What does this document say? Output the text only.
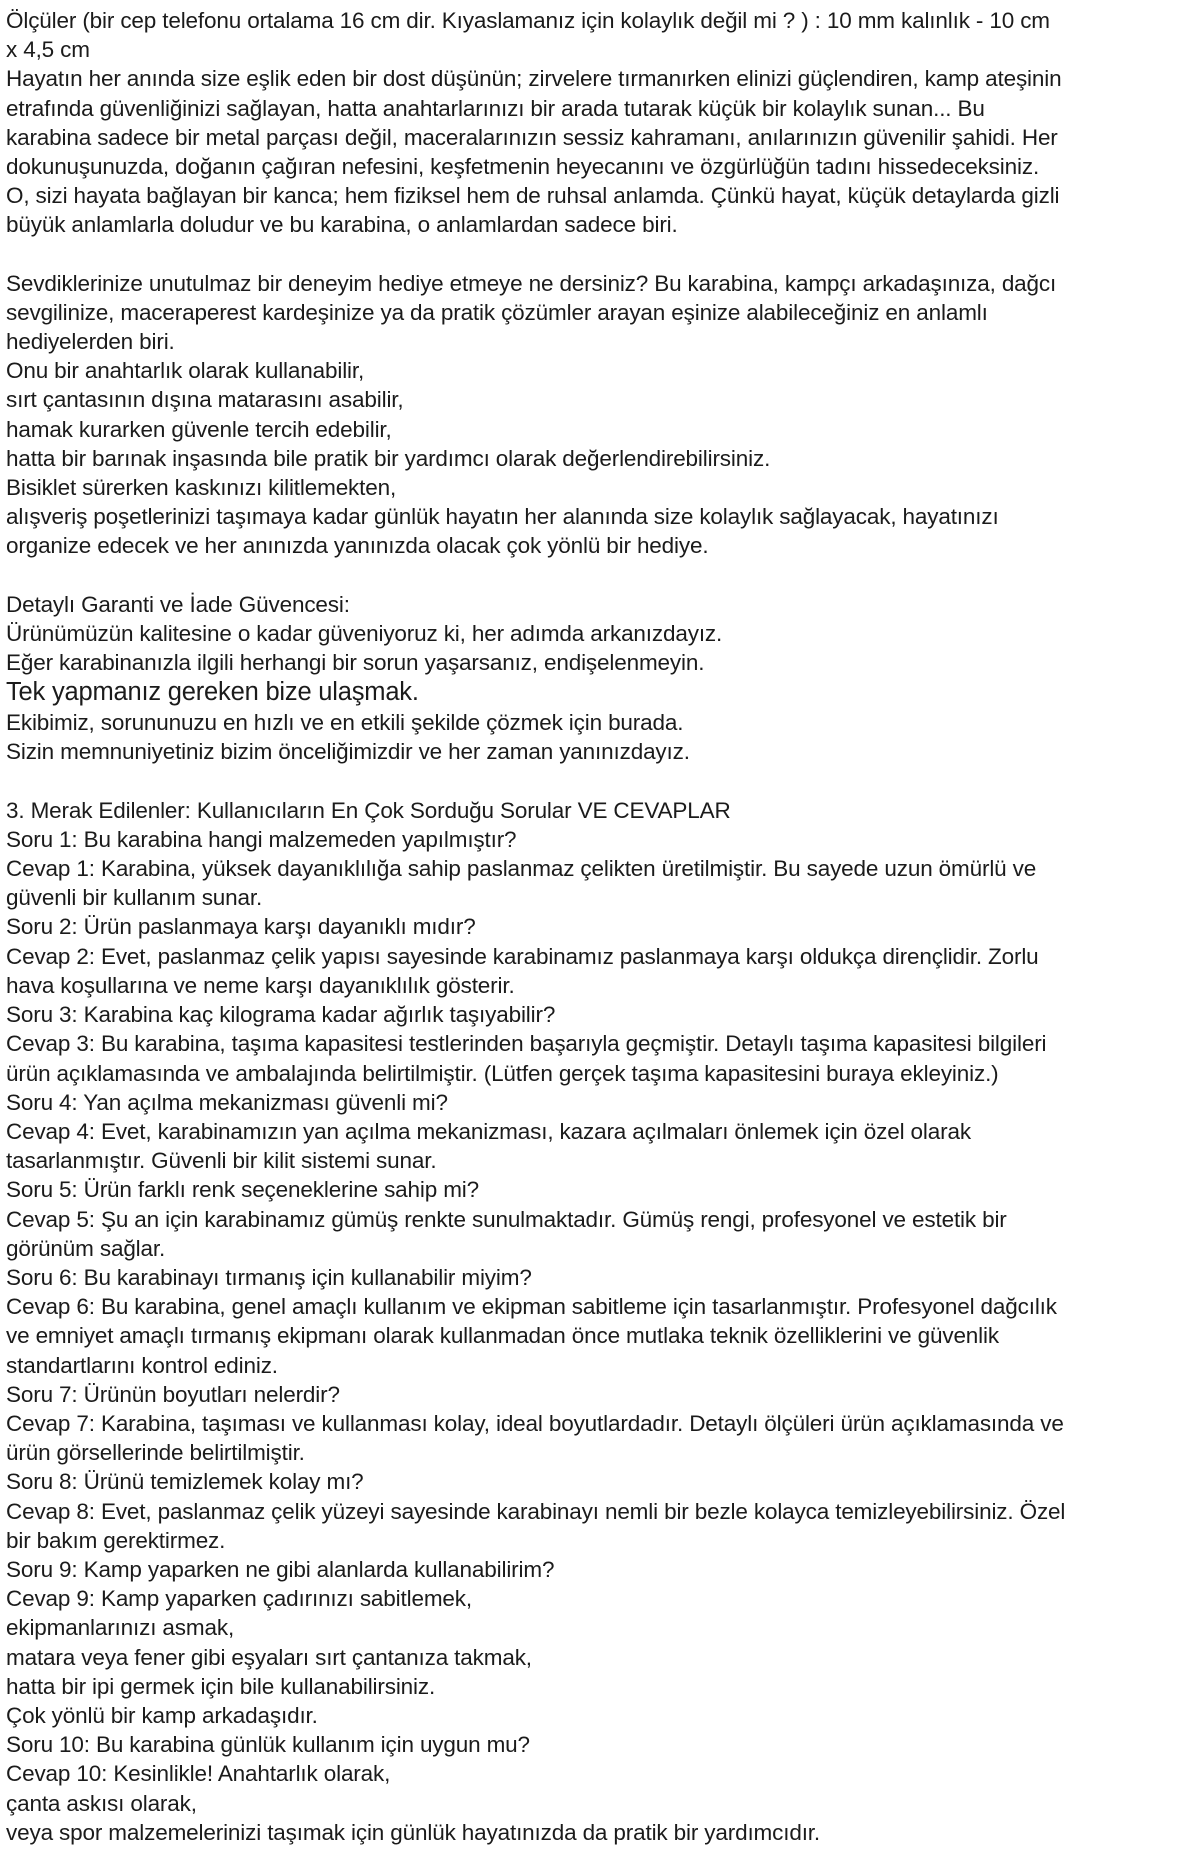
Ölçüler (bir cep telefonu ortalama 16 cm dir. Kıyaslamanız için kolaylık değil mi ? ) : 10 mm kalınlık - 10 cm x 4,5 cm
Hayatın her anında size eşlik eden bir dost düşünün; zirvelere tırmanırken elinizi güçlendiren, kamp ateşinin etrafında güvenliğinizi sağlayan, hatta anahtarlarınızı bir arada tutarak küçük bir kolaylık sunan... Bu karabina sadece bir metal parçası değil, maceralarınızın sessiz kahramanı, anılarınızın güvenilir şahidi. Her dokunuşunuzda, doğanın çağıran nefesini, keşfetmenin heyecanını ve özgürlüğün tadını hissedeceksiniz. O, sizi hayata bağlayan bir kanca; hem fiziksel hem de ruhsal anlamda. Çünkü hayat, küçük detaylarda gizli büyük anlamlarla doludur ve bu karabina, o anlamlardan sadece biri.
Sevdiklerinize unutulmaz bir deneyim hediye etmeye ne dersiniz? Bu karabina, kampçı arkadaşınıza, dağcı sevgilinize, maceraperest kardeşinize ya da pratik çözümler arayan eşinize alabileceğiniz en anlamlı hediyelerden biri.
Onu bir anahtarlık olarak kullanabilir,
sırt çantasının dışına matarasını asabilir,
hamak kurarken güvenle tercih edebilir,
hatta bir barınak inşasında bile pratik bir yardımcı olarak değerlendirebilirsiniz.
Bisiklet sürerken kaskınızı kilitlemekten,
alışveriş poşetlerinizi taşımaya kadar günlük hayatın her alanında size kolaylık sağlayacak, hayatınızı organize edecek ve her anınızda yanınızda olacak çok yönlü bir hediye.
Detaylı Garanti ve İade Güvencesi:
Ürünümüzün kalitesine o kadar güveniyoruz ki, her adımda arkanızdayız.
Eğer karabinanızla ilgili herhangi bir sorun yaşarsanız, endişelenmeyin.
Tek yapmanız gereken bize ulaşmak.
Ekibimiz, sorununuzu en hızlı ve en etkili şekilde çözmek için burada.
Sizin memnuniyetiniz bizim önceliğimizdir ve her zaman yanınızdayız.
3. Merak Edilenler: Kullanıcıların En Çok Sorduğu Sorular VE CEVAPLAR
Soru 1: Bu karabina hangi malzemeden yapılmıştır?
Cevap 1: Karabina, yüksek dayanıklılığa sahip paslanmaz çelikten üretilmiştir. Bu sayede uzun ömürlü ve güvenli bir kullanım sunar.
Soru 2: Ürün paslanmaya karşı dayanıklı mıdır?
Cevap 2: Evet, paslanmaz çelik yapısı sayesinde karabinamız paslanmaya karşı oldukça dirençlidir. Zorlu hava koşullarına ve neme karşı dayanıklılık gösterir.
Soru 3: Karabina kaç kilograma kadar ağırlık taşıyabilir?
Cevap 3: Bu karabina, taşıma kapasitesi testlerinden başarıyla geçmiştir. Detaylı taşıma kapasitesi bilgileri ürün açıklamasında ve ambalajında belirtilmiştir. (Lütfen gerçek taşıma kapasitesini buraya ekleyiniz.)
Soru 4: Yan açılma mekanizması güvenli mi?
Cevap 4: Evet, karabinamızın yan açılma mekanizması, kazara açılmaları önlemek için özel olarak tasarlanmıştır. Güvenli bir kilit sistemi sunar.
Soru 5: Ürün farklı renk seçeneklerine sahip mi?
Cevap 5: Şu an için karabinamız gümüş renkte sunulmaktadır. Gümüş rengi, profesyonel ve estetik bir görünüm sağlar.
Soru 6: Bu karabinayı tırmanış için kullanabilir miyim?
Cevap 6: Bu karabina, genel amaçlı kullanım ve ekipman sabitleme için tasarlanmıştır. Profesyonel dağcılık ve emniyet amaçlı tırmanış ekipmanı olarak kullanmadan önce mutlaka teknik özelliklerini ve güvenlik standartlarını kontrol ediniz.
Soru 7: Ürünün boyutları nelerdir?
Cevap 7: Karabina, taşıması ve kullanması kolay, ideal boyutlardadır. Detaylı ölçüleri ürün açıklamasında ve ürün görsellerinde belirtilmiştir.
Soru 8: Ürünü temizlemek kolay mı?
Cevap 8: Evet, paslanmaz çelik yüzeyi sayesinde karabinayı nemli bir bezle kolayca temizleyebilirsiniz. Özel bir bakım gerektirmez.
Soru 9: Kamp yaparken ne gibi alanlarda kullanabilirim?
Cevap 9: Kamp yaparken çadırınızı sabitlemek,
ekipmanlarınızı asmak,
matara veya fener gibi eşyaları sırt çantanıza takmak,
hatta bir ipi germek için bile kullanabilirsiniz.
Çok yönlü bir kamp arkadaşıdır.
Soru 10: Bu karabina günlük kullanım için uygun mu?
Cevap 10: Kesinlikle! Anahtarlık olarak,
çanta askısı olarak,
veya spor malzemelerinizi taşımak için günlük hayatınızda da pratik bir yardımcıdır.
